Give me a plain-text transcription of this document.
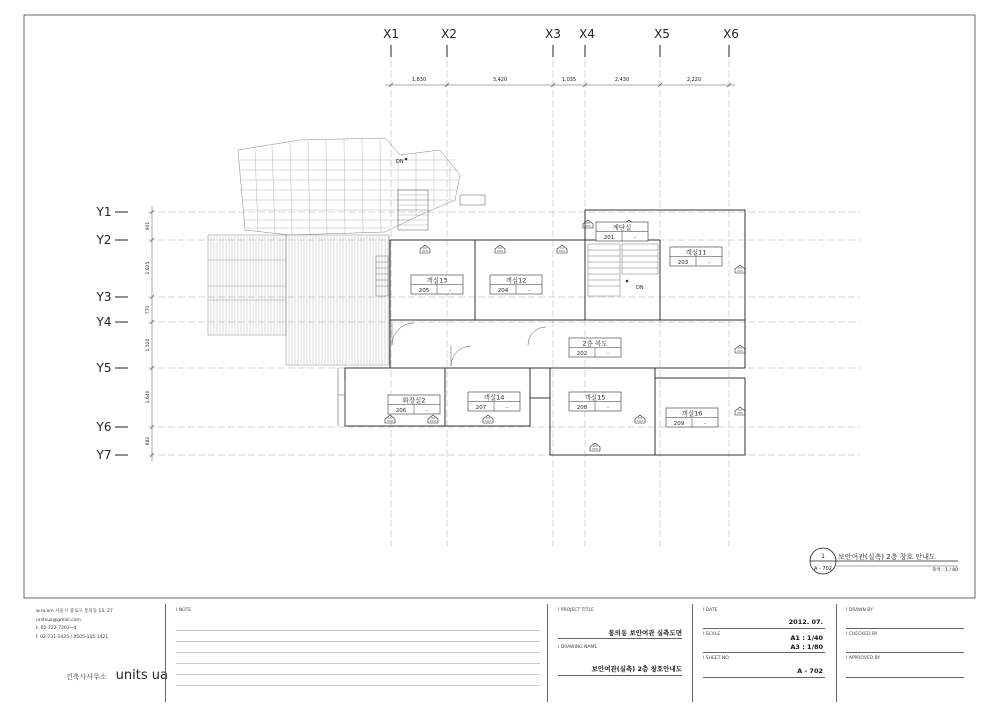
X1	X2	X3 X4	X5	X6
Y1
Y2
Y3
Y4
Y5
Y6
Y7
1,830	3,420	1,035	2,430	2,220
901
1,825
770
1,520
1,640
882
DN
DN
객실13
205	-
객실12
204	-
계단실
201	-
객실11
203	-
2층 복도
202	-
화장실2
206	-
객실14
207	-
객실15
208	-
객실16
209	-
1
A - 702
보안여관(실측) 2층 창호 안내도
축척 : 1 / 80
w.ro.om 서울시 종로구 통의동 13, 27
unitsua@gmail.com
t. 02-722-7203~4
f. 02-731-1435 / 0505-115-1421
건축사사무소 units ua
I NOTE	I PROJECT TITLE
통의동 보안여관 실측도면
I DRAWING NAME
보안여관(실측) 2층 창호안내도
I DATE
2012. 07.
I SCALE	A1 : 1/40
A3 : 1/80
I SHEET NO.
A - 702
I DRAWN BY
I CHECKED BY
I APPROVED BY
